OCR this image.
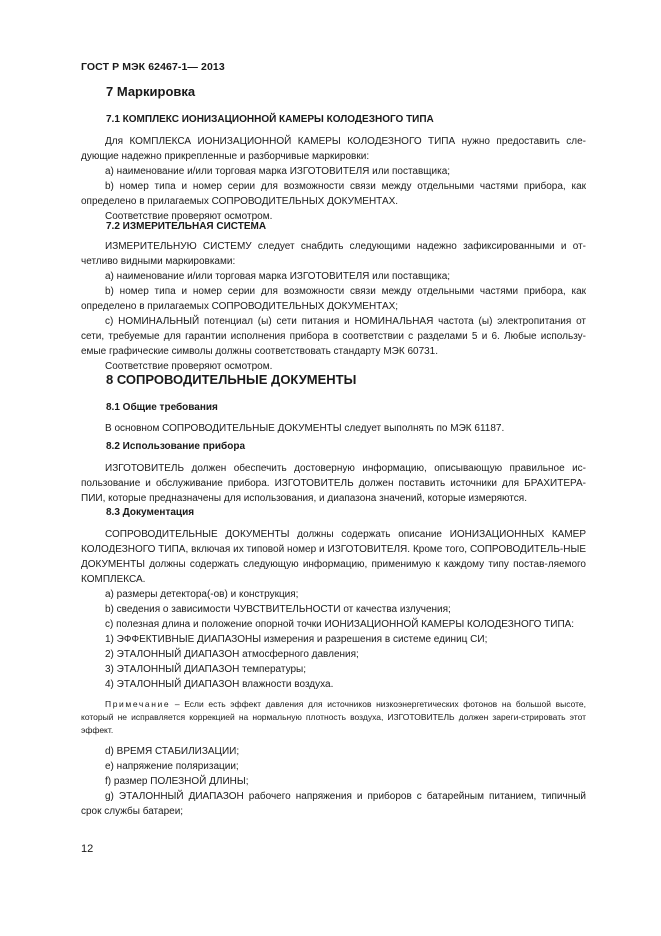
ГОСТ Р МЭК 62467-1— 2013

7 Маркировка

7.1 КОМПЛЕКС ИОНИЗАЦИОННОЙ КАМЕРЫ КОЛОДЕЗНОГО ТИПА

Для КОМПЛЕКСА ИОНИЗАЦИОННОЙ КАМЕРЫ КОЛОДЕЗНОГО ТИПА нужно предоставить сле-дующие надежно прикрепленные и разборчивые маркировки:

а) наименование и/или торговая марка ИЗГОТОВИТЕЛЯ или поставщика;

b) номер типа и номер серии для возможности связи между отдельными частями прибора, как определено в прилагаемых СОПРОВОДИТЕЛЬНЫХ ДОКУМЕНТАХ.

Соответствие проверяют осмотром.

7.2 ИЗМЕРИТЕЛЬНАЯ СИСТЕМА

ИЗМЕРИТЕЛЬНУЮ СИСТЕМУ следует снабдить следующими надежно зафиксированными и от-четливо видными маркировками:

а) наименование и/или торговая марка ИЗГОТОВИТЕЛЯ или поставщика;

b) номер типа и номер серии для возможности связи между отдельными частями прибора, как определено в прилагаемых СОПРОВОДИТЕЛЬНЫХ ДОКУМЕНТАХ;

с) НОМИНАЛЬНЫЙ потенциал (ы) сети питания и НОМИНАЛЬНАЯ частота (ы) электропитания от сети, требуемые для гарантии исполнения прибора в соответствии с разделами 5 и 6. Любые использу-емые графические символы должны соответствовать стандарту МЭК 60731.

Соответствие проверяют осмотром.

8 СОПРОВОДИТЕЛЬНЫЕ ДОКУМЕНТЫ

8.1 Общие требования

В основном СОПРОВОДИТЕЛЬНЫЕ ДОКУМЕНТЫ следует выполнять по МЭК 61187.

8.2 Использование прибора

ИЗГОТОВИТЕЛЬ должен обеспечить достоверную информацию, описывающую правильное ис-пользование и обслуживание прибора. ИЗГОТОВИТЕЛЬ должен поставить источники для БРАХИТЕРА-ПИИ, которые предназначены для использования, и диапазона значений, которые измеряются.

8.3 Документация

СОПРОВОДИТЕЛЬНЫЕ ДОКУМЕНТЫ должны содержать описание ИОНИЗАЦИОННЫХ КАМЕР КОЛОДЕЗНОГО ТИПА, включая их типовой номер и ИЗГОТОВИТЕЛЯ. Кроме того, СОПРОВОДИТЕЛЬ-НЫЕ ДОКУМЕНТЫ должны содержать следующую информацию, применимую к каждому типу постав-ляемого КОМПЛЕКСА.

а) размеры детектора(-ов) и конструкция;

b) сведения о зависимости ЧУВСТВИТЕЛЬНОСТИ от качества излучения;

с) полезная длина и положение опорной точки ИОНИЗАЦИОННОЙ КАМЕРЫ КОЛОДЕЗНОГО ТИПА:

1) ЭФФЕКТИВНЫЕ ДИАПАЗОНЫ измерения и разрешения в системе единиц СИ;

2) ЭТАЛОННЫЙ ДИАПАЗОН атмосферного давления;

3) ЭТАЛОННЫЙ ДИАПАЗОН температуры;

4) ЭТАЛОННЫЙ ДИАПАЗОН влажности воздуха.

Примечание – Если есть эффект давления для источников низкоэнергетических фотонов на большой высоте, который не исправляется коррекцией на нормальную плотность воздуха, ИЗГОТОВИТЕЛЬ должен зареги-стрировать этот эффект.

d) ВРЕМЯ СТАБИЛИЗАЦИИ;

е) напряжение поляризации;

f) размер ПОЛЕЗНОЙ ДЛИНЫ;

g) ЭТАЛОННЫЙ ДИАПАЗОН рабочего напряжения и приборов с батарейным питанием, типичный срок службы батареи;

12
